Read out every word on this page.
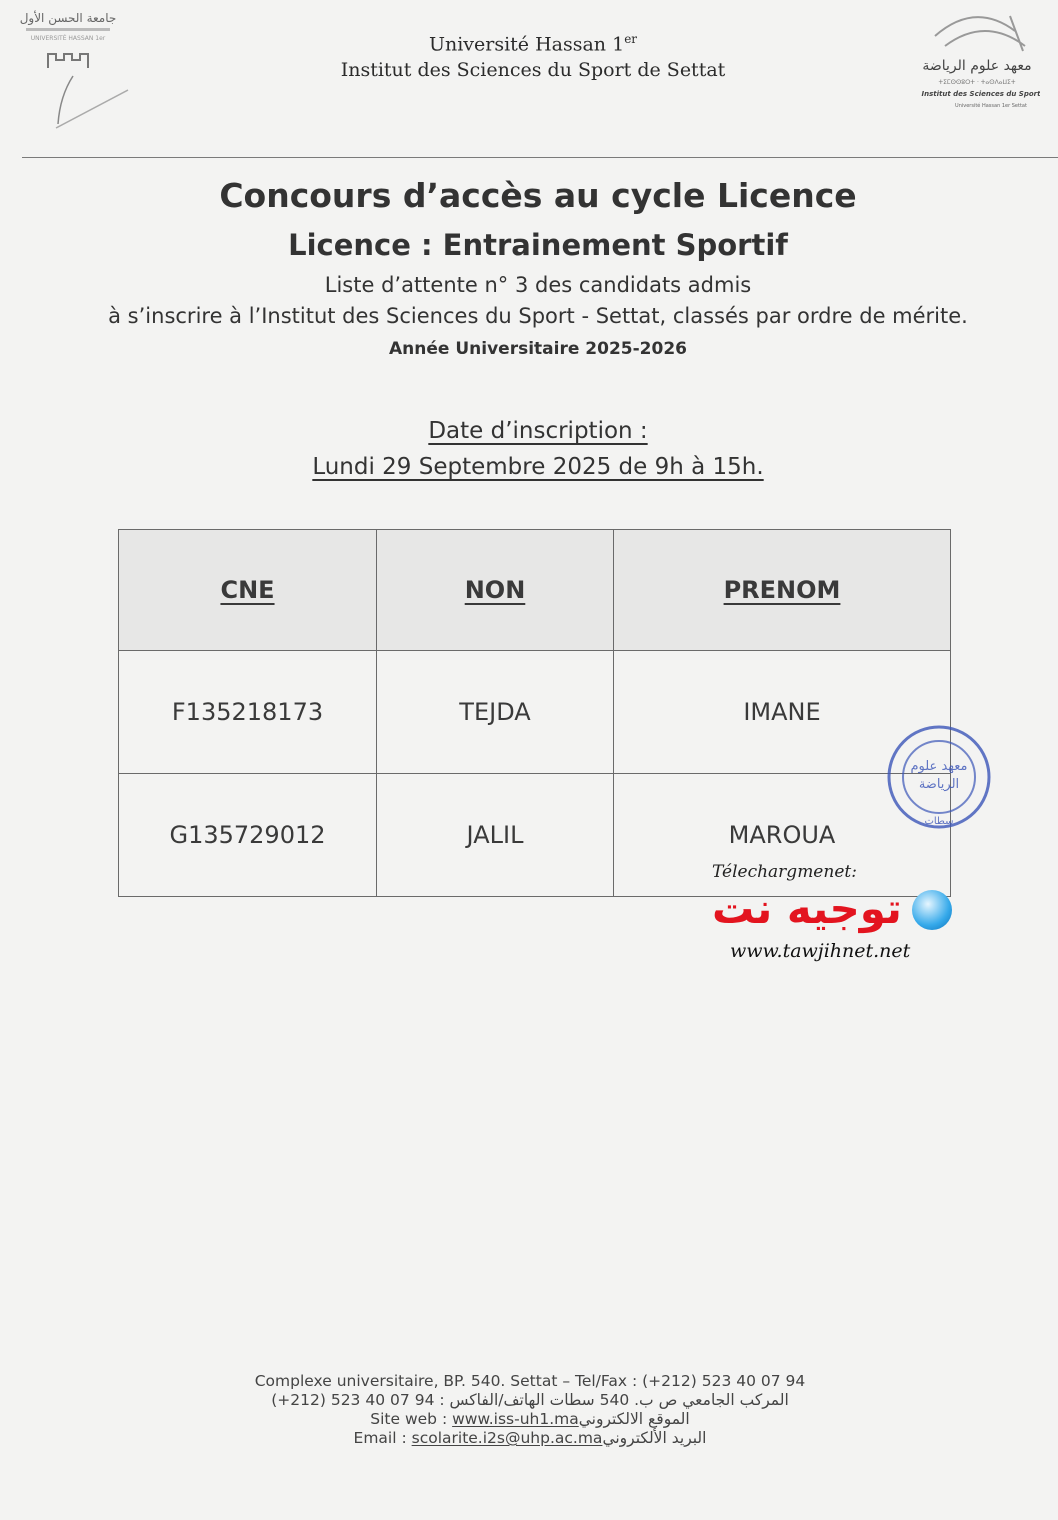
جامعة الحسن الأول
UNIVERSITÉ HASSAN 1er
معهد علوم الرياضة
ⵜⵉⵎⵙⵙⵓⵔⵜ · ⵜⴰⵙⴷⴰⵡⵉⵜ
Institut des Sciences du Sport
Université Hassan 1er Settat
Université Hassan 1er
Institut des Sciences du Sport de Settat
Concours d’accès au cycle Licence
Licence : Entrainement Sportif
Liste d’attente n° 3 des candidats admis
à s’inscrire à l’Institut des Sciences du Sport - Settat, classés par ordre de mérite.
Année Universitaire 2025-2026
Date d’inscription :
Lundi 29 Septembre 2025 de 9h à 15h.
CNE	NON	PRENOM
F135218173	TEJDA	IMANE
G135729012	JALIL	MAROUA
معهد علوم
الرياضة
سطات
Télechargmenet:
توجيه نت
www.tawjihnet.net
Complexe universitaire, BP. 540. Settat – Tel/Fax : (+212) 523 40 07 94
المركب الجامعي ص ب. 540 سطات الهاتف/الفاكس : 94 07 40 523 (212+)
Site web : www.iss-uh1.maالموقع الالكتروني
Email : scolarite.i2s@uhp.ac.maالبريد الألكتروني
